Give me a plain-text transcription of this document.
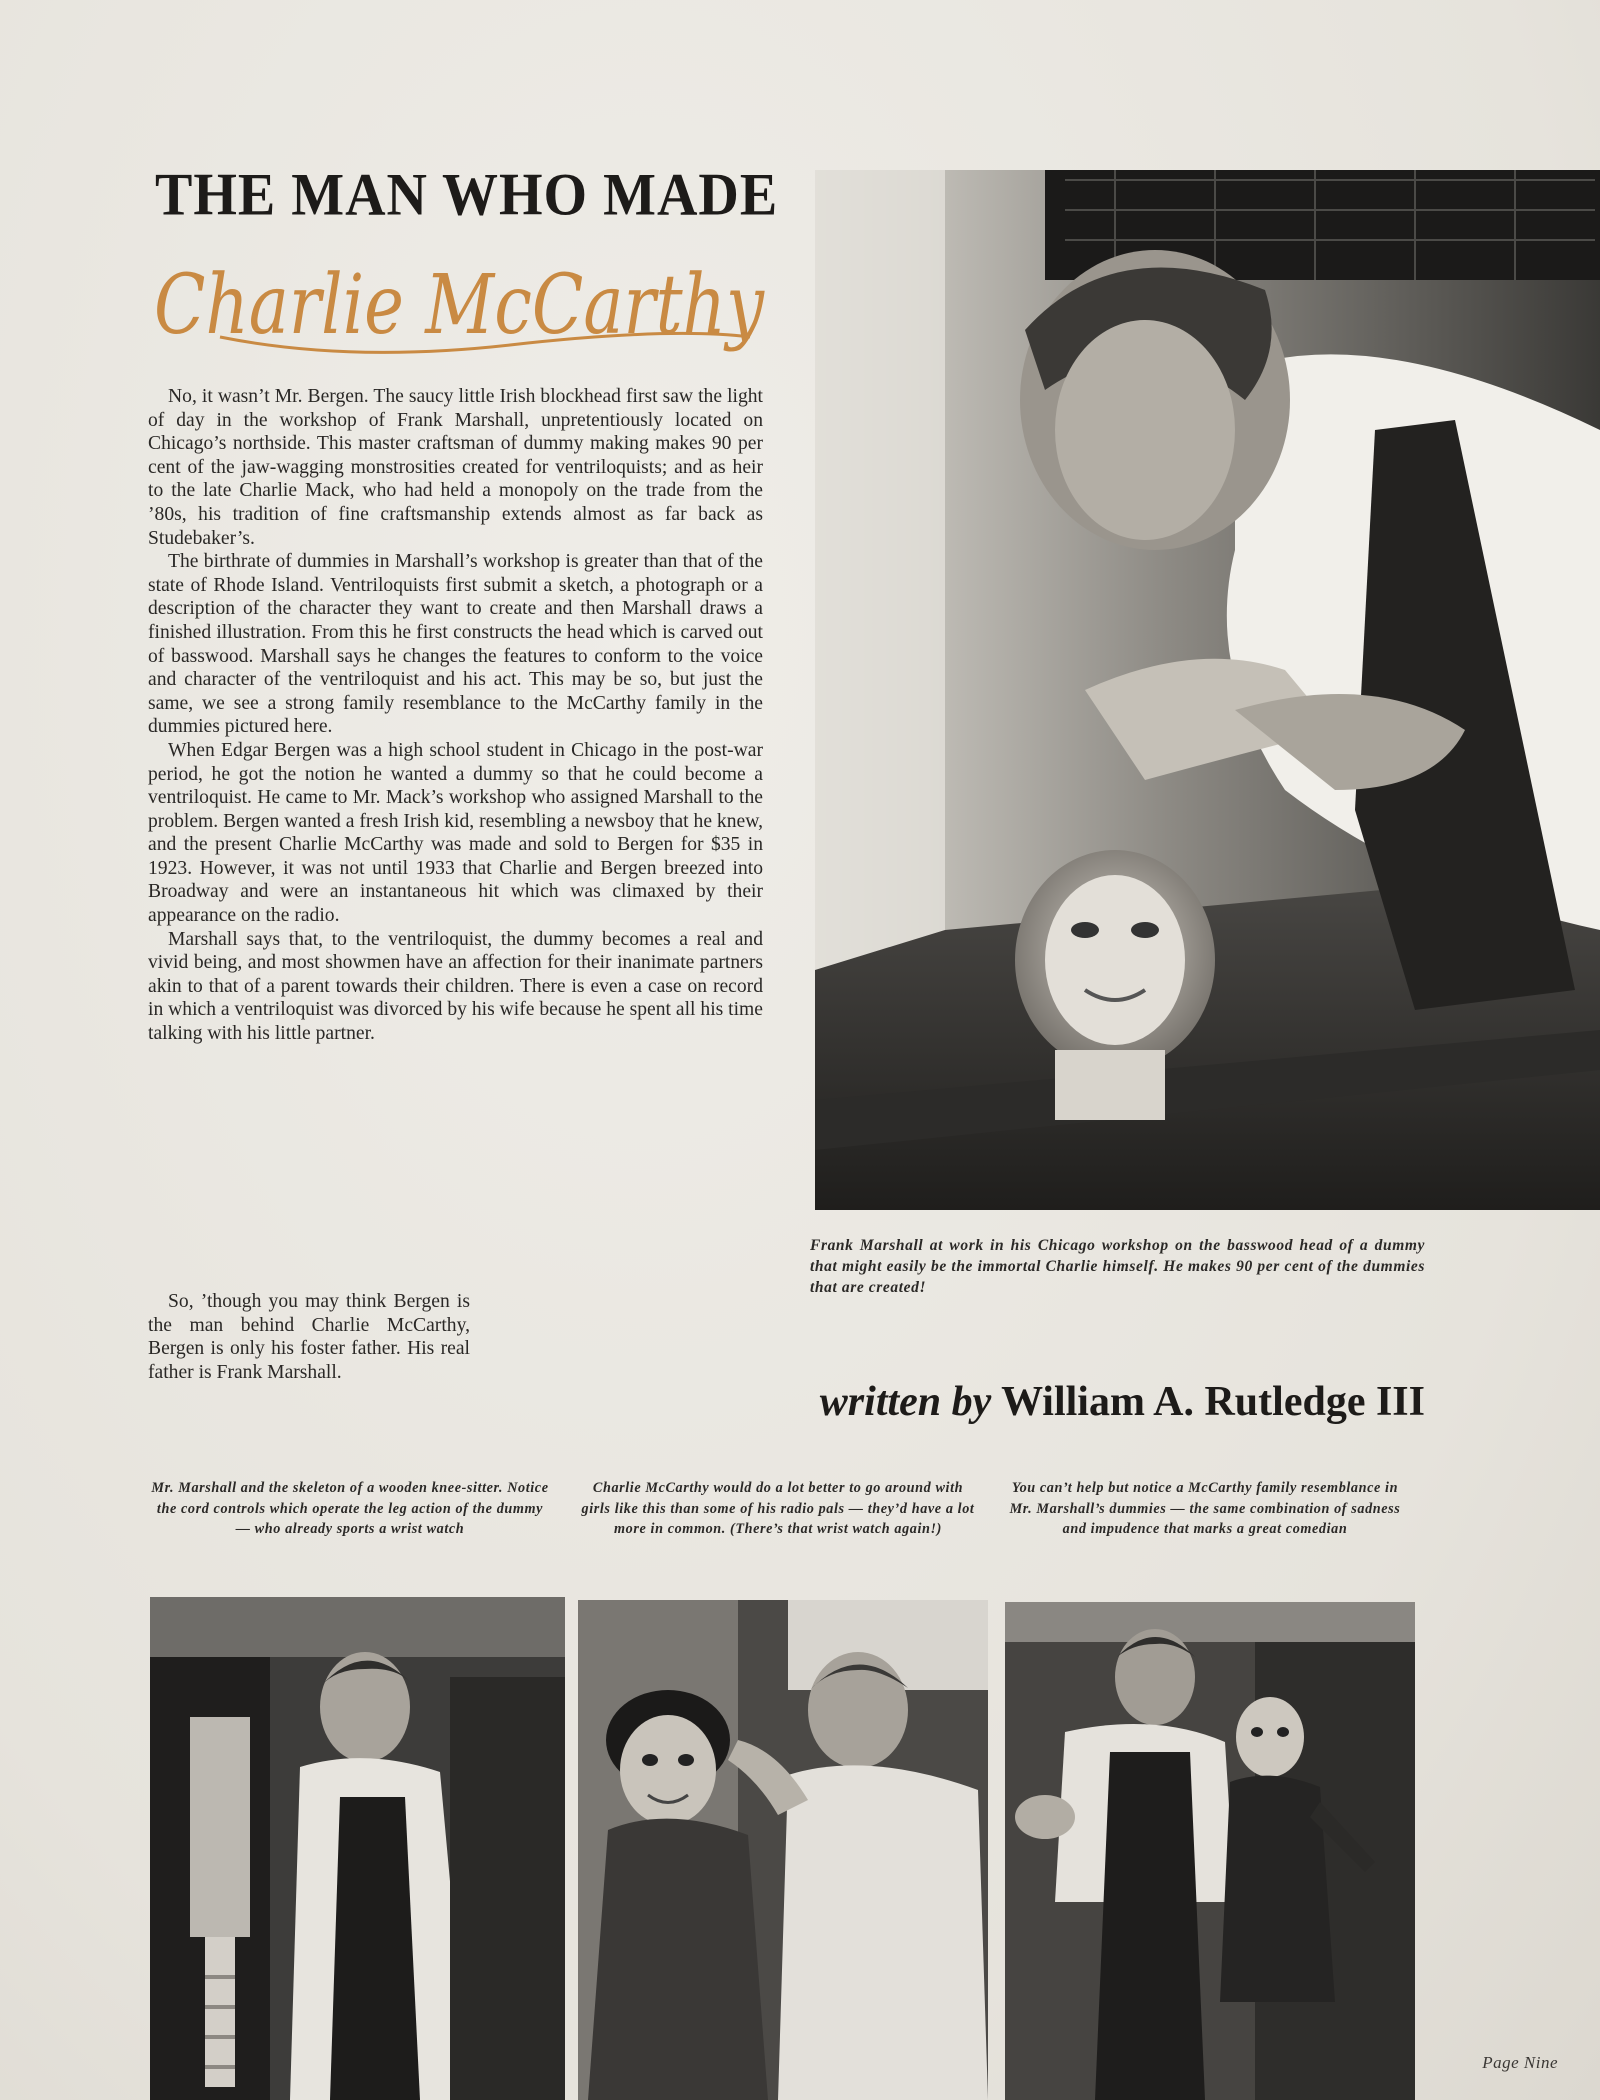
THE MAN WHO MADE
Charlie McCarthy

No, it wasn’t Mr. Bergen. The saucy little Irish blockhead first saw the light of day in the workshop of Frank Marshall, unpretentiously located on Chicago’s northside. This master craftsman of dummy making makes 90 per cent of the jaw-wagging monstrosities created for ventriloquists; and as heir to the late Charlie Mack, who had held a monopoly on the trade from the ’80s, his tradition of fine craftsmanship extends almost as far back as Studebaker’s.

The birthrate of dummies in Marshall’s workshop is greater than that of the state of Rhode Island. Ventriloquists first submit a sketch, a photograph or a description of the character they want to create and then Marshall draws a finished illustration. From this he first constructs the head which is carved out of basswood. Marshall says he changes the features to conform to the voice and character of the ventriloquist and his act. This may be so, but just the same, we see a strong family resemblance to the McCarthy family in the dummies pictured here.

When Edgar Bergen was a high school student in Chicago in the post-war period, he got the notion he wanted a dummy so that he could become a ventriloquist. He came to Mr. Mack’s workshop who assigned Marshall to the problem. Bergen wanted a fresh Irish kid, resembling a newsboy that he knew, and the present Charlie McCarthy was made and sold to Bergen for $35 in 1923. However, it was not until 1933 that Charlie and Bergen breezed into Broadway and were an instantaneous hit which was climaxed by their appearance on the radio.

Marshall says that, to the ventriloquist, the dummy becomes a real and vivid being, and most showmen have an affection for their inanimate partners akin to that of a parent towards their children. There is even a case on record in which a ventriloquist was divorced by his wife because he spent all his time talking with his little partner.

So, ’though you may think Bergen is the man behind Charlie McCarthy, Bergen is only his foster father. His real father is Frank Marshall.

Frank Marshall at work in his Chicago workshop on the basswood head of a dummy that might easily be the immortal Charlie himself. He makes 90 per cent of the dummies that are created!
written by William A. Rutledge III
Mr. Marshall and the skeleton of a wooden knee-sitter. Notice the cord controls which operate the leg action of the dummy — who already sports a wrist watch
Charlie McCarthy would do a lot better to go around with girls like this than some of his radio pals — they’d have a lot more in common. (There’s that wrist watch again!)
You can’t help but notice a McCarthy family resemblance in Mr. Marshall’s dummies — the same combination of sadness and impudence that marks a great comedian
Page Nine
